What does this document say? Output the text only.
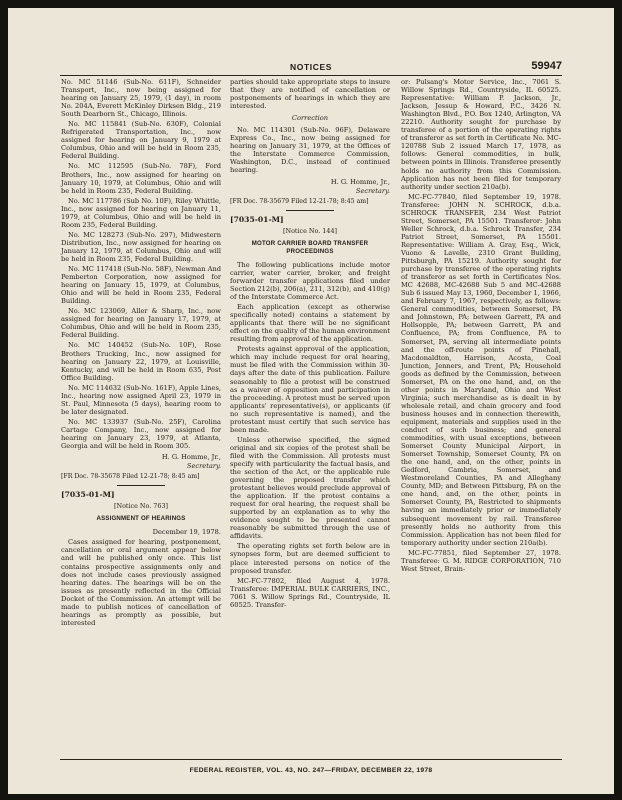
NOTICES	59947

No. MC 51146 (Sub-No. 611F), Schneider Transport, Inc., now being assigned for hearing on January 25, 1979, (1 day), in room No. 204A, Everett McKinley Dirksen Bldg., 219 South Dearborn St., Chicago, Illinois.

No. MC 115841 (Sub-No. 630F), Colonial Refrigerated Transportation, Inc., now assigned for hearing on January 9, 1979 at Columbus, Ohio and will be held in Room 235, Federal Building.

No. MC 112595 (Sub-No. 78F), Ford Brothers, Inc., now assigned for hearing on January 10, 1979, at Columbus, Ohio and will be held in Room 235, Federal Building.

No. MC 117786 (Sub No. 10F), Riley Whittle, Inc., now assigned for hearing on January 11, 1979, at Columbus, Ohio and will be held in Room 235, Federal Building.

No. MC 128273 (Sub-No. 297), Midwestern Distribution, Inc., now assigned for hearing on January 12, 1979, at Columbus, Ohio and will be held in Room 235, Federal Building.

No. MC 117418 (Sub-No. 58F), Newman And Pemberton Corporation, now assigned for hearing on January 15, 1979, at Columbus, Ohio and will be held in Room 235, Federal Building.

No. MC 123069, Aller & Sharp, Inc., now assigned for hearing on January 17, 1979, at Columbus, Ohio and will be held in Room 235, Federal Building.

No. MC 140452 (Sub-No. 10F), Rose Brothers Trucking, Inc., now assigned for hearing on January 22, 1979, at Louisville, Kentucky, and will be held in Room 635, Post Office Building.

No. MC 114632 (Sub-No. 161F), Apple Lines, Inc., hearing now assigned April 23, 1979 in St. Paul, Minnesota (5 days), hearing room to be later designated.

No. MC 133937 (Sub-No. 25F), Carolina Cartage Company, Inc., now assigned for hearing on January 23, 1979, at Atlanta, Georgia and will be held in Room 305.

H. G. Homme, Jr.,
Secretary.
[FR Doc. 78-35678 Filed 12-21-78; 8:45 am]
[7035-01-M]
[Notice No. 763]
ASSIGNMENT OF HEARINGS
December 19, 1978.

Cases assigned for hearing, postponement, cancellation or oral argument appear below and will be published only once. This list contains prospective assignments only and does not include cases previously assigned hearing dates. The hearings will be on the issues as presently reflected in the Official Docket of the Commission. An attempt will be made to publish notices of cancellation of hearings as promptly as possible, but interested

parties should take appropriate steps to insure that they are notified of cancellation or postponements of hearings in which they are interested.

Correction

No. MC 114301 (Sub-No. 96F), Delaware Express Co., Inc., now being assigned for hearing on January 31, 1979, at the Offices of the Interstate Commerce Commission, Washington, D.C., instead of continued hearing.

H. G. Homme, Jr.,
Secretary.
[FR Doc. 78-35679 Filed 12-21-78; 8:45 am]
[7035-01-M]
[Notice No. 144]
MOTOR CARRIER BOARD TRANSFER PROCEEDINGS

The following publications include motor carrier, water carrier, broker, and freight forwarder transfer applications filed under Section 212(b), 206(a), 211, 312(b), and 410(g) of the Interstate Commerce Act.

Each application (except as otherwise specifically noted) contains a statement by applicants that there will be no significant effect on the quality of the human environment resulting from approval of the application.

Protests against approval of the application, which may include request for oral hearing, must be filed with the Commission within 30-days after the date of this publication. Failure seasonably to file a protest will be construed as a waiver of opposition and participation in the proceeding. A protest must be served upon applicants' representative(s), or applicants (if no such representative is named), and the protestant must certify that such service has been made.

Unless otherwise specified, the signed original and six copies of the protest shall be filed with the Commission. All protests must specify with particularity the factual basis, and the section of the Act, or the applicable rule governing the proposed transfer which protestant believes would preclude approval of the application. If the protest contains a request for oral hearing, the request shall be supported by an explanation as to why the evidence sought to be presented cannot reasonably be submitted through the use of affidavits.

The operating rights set forth below are in synopses form, but are deemed sufficient to place interested persons on notice of the proposed transfer.

MC-FC-77802, filed August 4, 1978. Transferee: IMPERIAL BULK CARRIERS, INC., 7061 S. Willow Springs Rd., Countryside, IL 60525. Transfer-

or: Pulsang's Motor Service, Inc., 7061 S. Willow Springs Rd., Countryside, IL 60525. Representative: William P. Jackson, Jr., Jackson, Jessup & Howard, P.C., 3426 N. Washington Blvd., P.O. Box 1240, Arlington, VA 22210. Authority sought for purchase by transferee of a portion of the operating rights of transferor as set forth in Certificate No. MC-120788 Sub 2 issued March 17, 1978, as follows: General commodities, in bulk, between points in Illinois. Transferee presently holds no authority from this Commission. Application has not been filed for temporary authority under section 210a(b).

MC-FC-77840, filed September 19, 1978. Transferee: JOHN N. SCHROCK, d.b.a. SCHROCK TRANSFER, 234 West Patriot Street, Somerset, PA 15501. Transferor: John Weller Schrock, d.b.a. Schrock Transfer, 234 Patriot Street, Somerset, PA 15501. Representative: William A. Gray, Esq., Wick, Vuono & Lavelle, 2310 Grant Building, Pittsburgh, PA 15219. Authority sought for purchase by transferee of the operating rights of transferor as set forth in Certificates Nos. MC 42688, MC-42688 Sub 5 and MC-42688 Sub 6 issued May 13, 1960, December 1, 1966, and February 7, 1967, respectively, as follows: General commodities, between Somerset, PA and Johnstown, PA; between Garrett, PA and Hollsopple, PA; between Garrett, PA and Confluence, PA; from Confluence, PA to Somerset, PA, serving all intermediate points and the off-route points of Pinehall, Macdonaldton, Harrison, Acosta, Coal Junction, Jenners, and Trent, PA; Household goods as defined by the Commission, between Somerset, PA on the one hand, and, on the other points in Maryland, Ohio and West Virginia; such merchandise as is dealt in by wholesale retail, and chain grocery and food business houses and in connection therewith, equipment, materials and supplies used in the conduct of such business; and general commodities, with usual exceptions, between Somerset County Municipal Airport, in Somerset Township, Somerset County, PA on the one hand, and, on the other, points in Gedford, Cambria, Somerset, and Westmoreland Counties, PA and Alleghany County, MD; and Between Pittsburg, PA on the one hand, and, on the other, points in Somerset County, PA, Restricted to shipments having an immediately prior or immediately subsequent movement by rail. Transferee presently holds no authority from this Commission. Application has not been filed for temporary authority under section 210a(b).

MC-FC-77851, filed September 27, 1978. Transferee: G. M. RIDGE CORPORATION, 710 West Street, Brain-

FEDERAL REGISTER, VOL. 43, NO. 247—FRIDAY, DECEMBER 22, 1978
